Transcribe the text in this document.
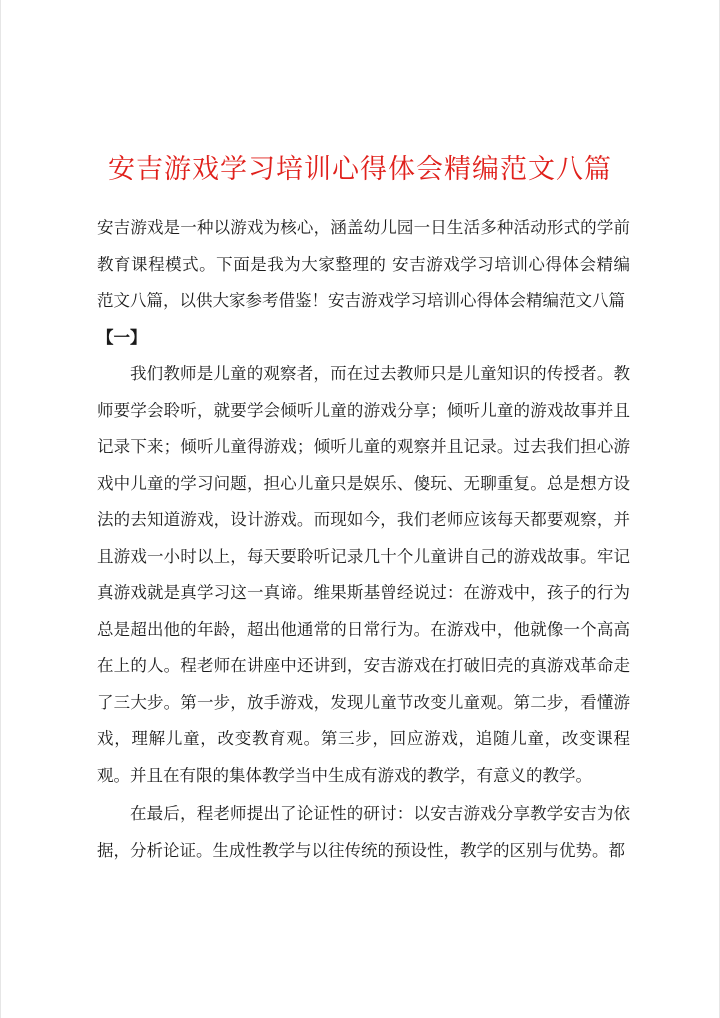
安吉游戏学习培训心得体会精编范文八篇

安吉游戏是一种以游戏为核心，涵盖幼儿园一日生活多种活动形式的学前教育课程模式。下面是我为大家整理的 安吉游戏学习培训心得体会精编范文八篇，以供大家参考借鉴！安吉游戏学习培训心得体会精编范文八篇

【一】

我们教师是儿童的观察者，而在过去教师只是儿童知识的传授者。教师要学会聆听，就要学会倾听儿童的游戏分享；倾听儿童的游戏故事并且记录下来；倾听儿童得游戏；倾听儿童的观察并且记录。过去我们担心游戏中儿童的学习问题，担心儿童只是娱乐、傻玩、无聊重复。总是想方设法的去知道游戏，设计游戏。而现如今，我们老师应该每天都要观察，并且游戏一小时以上，每天要聆听记录几十个儿童讲自己的游戏故事。牢记真游戏就是真学习这一真谛。维果斯基曾经说过：在游戏中，孩子的行为总是超出他的年龄，超出他通常的日常行为。在游戏中，他就像一个高高在上的人。程老师在讲座中还讲到，安吉游戏在打破旧壳的真游戏革命走了三大步。第一步，放手游戏，发现儿童节改变儿童观。第二步，看懂游戏，理解儿童，改变教育观。第三步，回应游戏，追随儿童，改变课程观。并且在有限的集体教学当中生成有游戏的教学，有意义的教学。

在最后，程老师提出了论证性的研讨：以安吉游戏分享教学安吉为依据，分析论证。生成性教学与以往传统的预设性，教学的区别与优势。都
